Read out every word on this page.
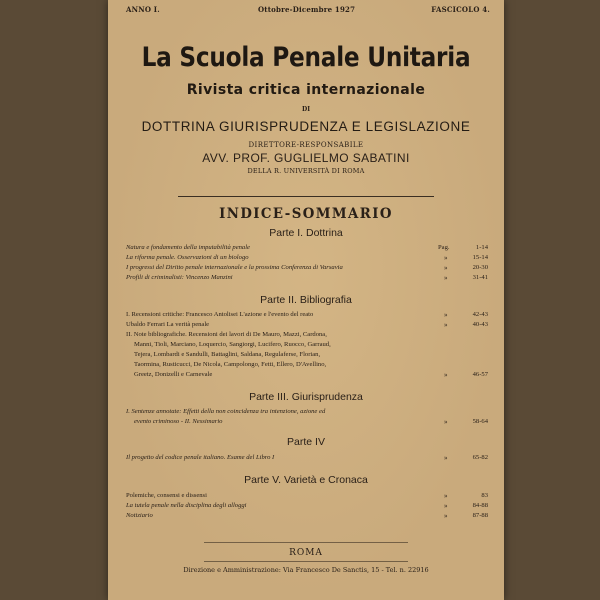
ANNO I.	Ottobre-Dicembre 1927	FASCICOLO 4.
La Scuola Penale Unitaria
Rivista critica internazionale
DI
DOTTRINA GIURISPRUDENZA E LEGISLAZIONE
DIRETTORE-RESPONSABILE
AVV. PROF. GUGLIELMO SABATINI
DELLA R. UNIVERSITÀ DI ROMA
INDICE-SOMMARIO
Parte I. Dottrina
Natura e fondamento della imputabilità penale	Pag.	1-14
La riforma penale. Osservazioni di un biologo	»	15-14
I progressi del Diritto penale internazionale e la prossima Conferenza di Varsavia	»	20-30
Profili di criminalisti: Vincenzo Manzini	»	31-41
Parte II. Bibliografia
I. Recensioni critiche: Francesco Antolisei L'azione e l'evento del reato	»	42-43
Ubaldo Ferrari La verità penale	»	40-43
II. Note bibliografiche. Recensioni dei lavori di De Mauro, Mazzi, Cardona,
Manni, Tioli, Marciano, Loquercio, Sangiorgi, Lucifero, Ruocco, Garraud,
Tejera, Lombardi e Sandulli, Battaglini, Saldana, Regulaferse, Florian,
Taormina, Rusticucci, De Nicola, Campolongo, Fetti, Ellero, D'Avellino,
Greetz, Donizelli e Carnevale	»	46-57
Parte III. Giurisprudenza
I. Sentenze annotate: Effetti della non coincidenza tra intenzione, azione ed
evento criminoso - II. Nessimario	»	58-64
Parte IV
Il progetto del codice penale italiano. Esame del Libro I	»	65-82
Parte V. Varietà e Cronaca
Polemiche, consensi e dissensi	»	83
La tutela penale nella disciplina degli alloggi	»	84-88
Notiziario	»	87-88
ROMA
Direzione e Amministrazione: Via Francesco De Sanctis, 15 - Tel. n. 22916
